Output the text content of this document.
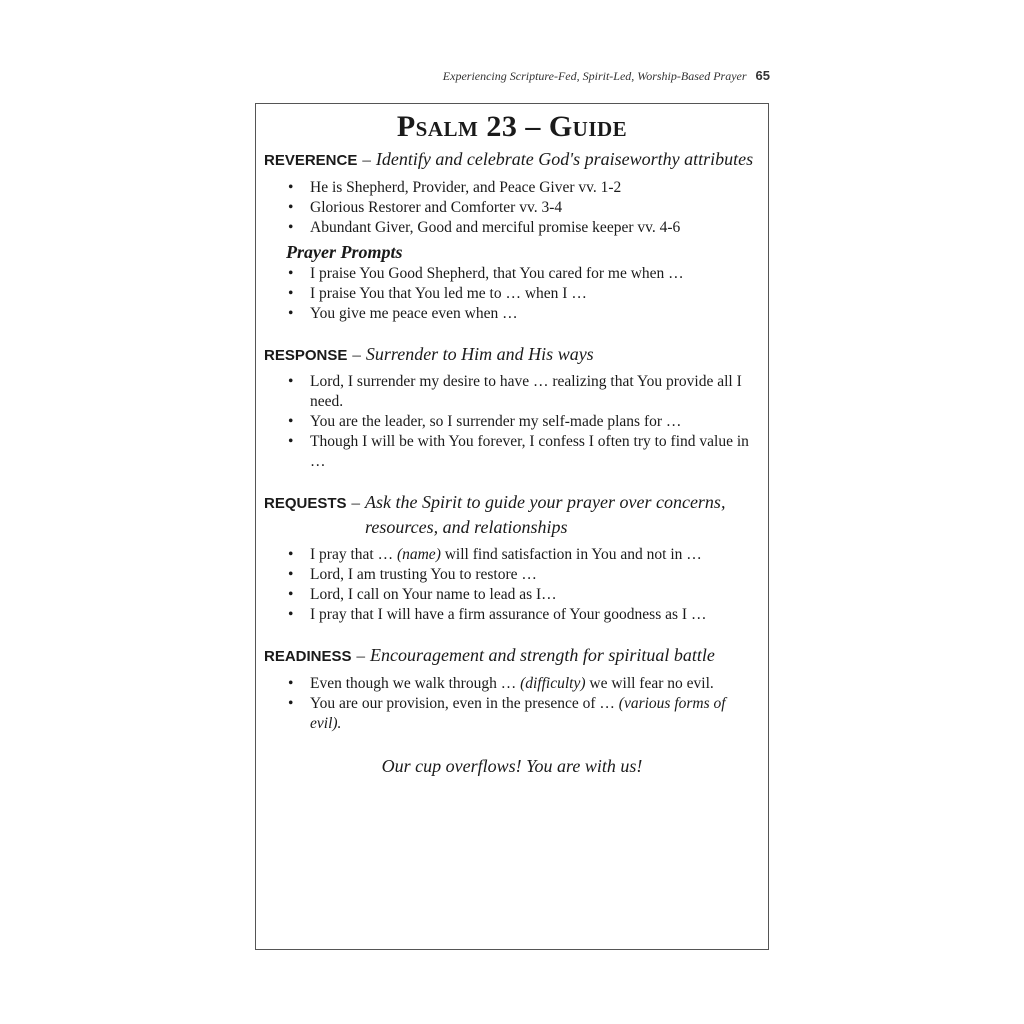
Experiencing Scripture-Fed, Spirit-Led, Worship-Based Prayer 65
Psalm 23 – Guide
REVERENCE – Identify and celebrate God's praiseworthy attributes
• He is Shepherd, Provider, and Peace Giver vv. 1-2
• Glorious Restorer and Comforter vv. 3-4
• Abundant Giver, Good and merciful promise keeper vv. 4-6
Prayer Prompts
• I praise You Good Shepherd, that You cared for me when …
• I praise You that You led me to … when I …
• You give me peace even when …
RESPONSE – Surrender to Him and His ways
• Lord, I surrender my desire to have … realizing that You provide all I need.
• You are the leader, so I surrender my self-made plans for …
• Though I will be with You forever, I confess I often try to find value in …
REQUESTS – Ask the Spirit to guide your prayer over concerns, resources, and relationships
• I pray that … (name) will find satisfaction in You and not in …
• Lord, I am trusting You to restore …
• Lord, I call on Your name to lead as I…
• I pray that I will have a firm assurance of Your goodness as I …
READINESS – Encouragement and strength for spiritual battle
• Even though we walk through … (difficulty) we will fear no evil.
• You are our provision, even in the presence of … (various forms of evil).
Our cup overflows! You are with us!
